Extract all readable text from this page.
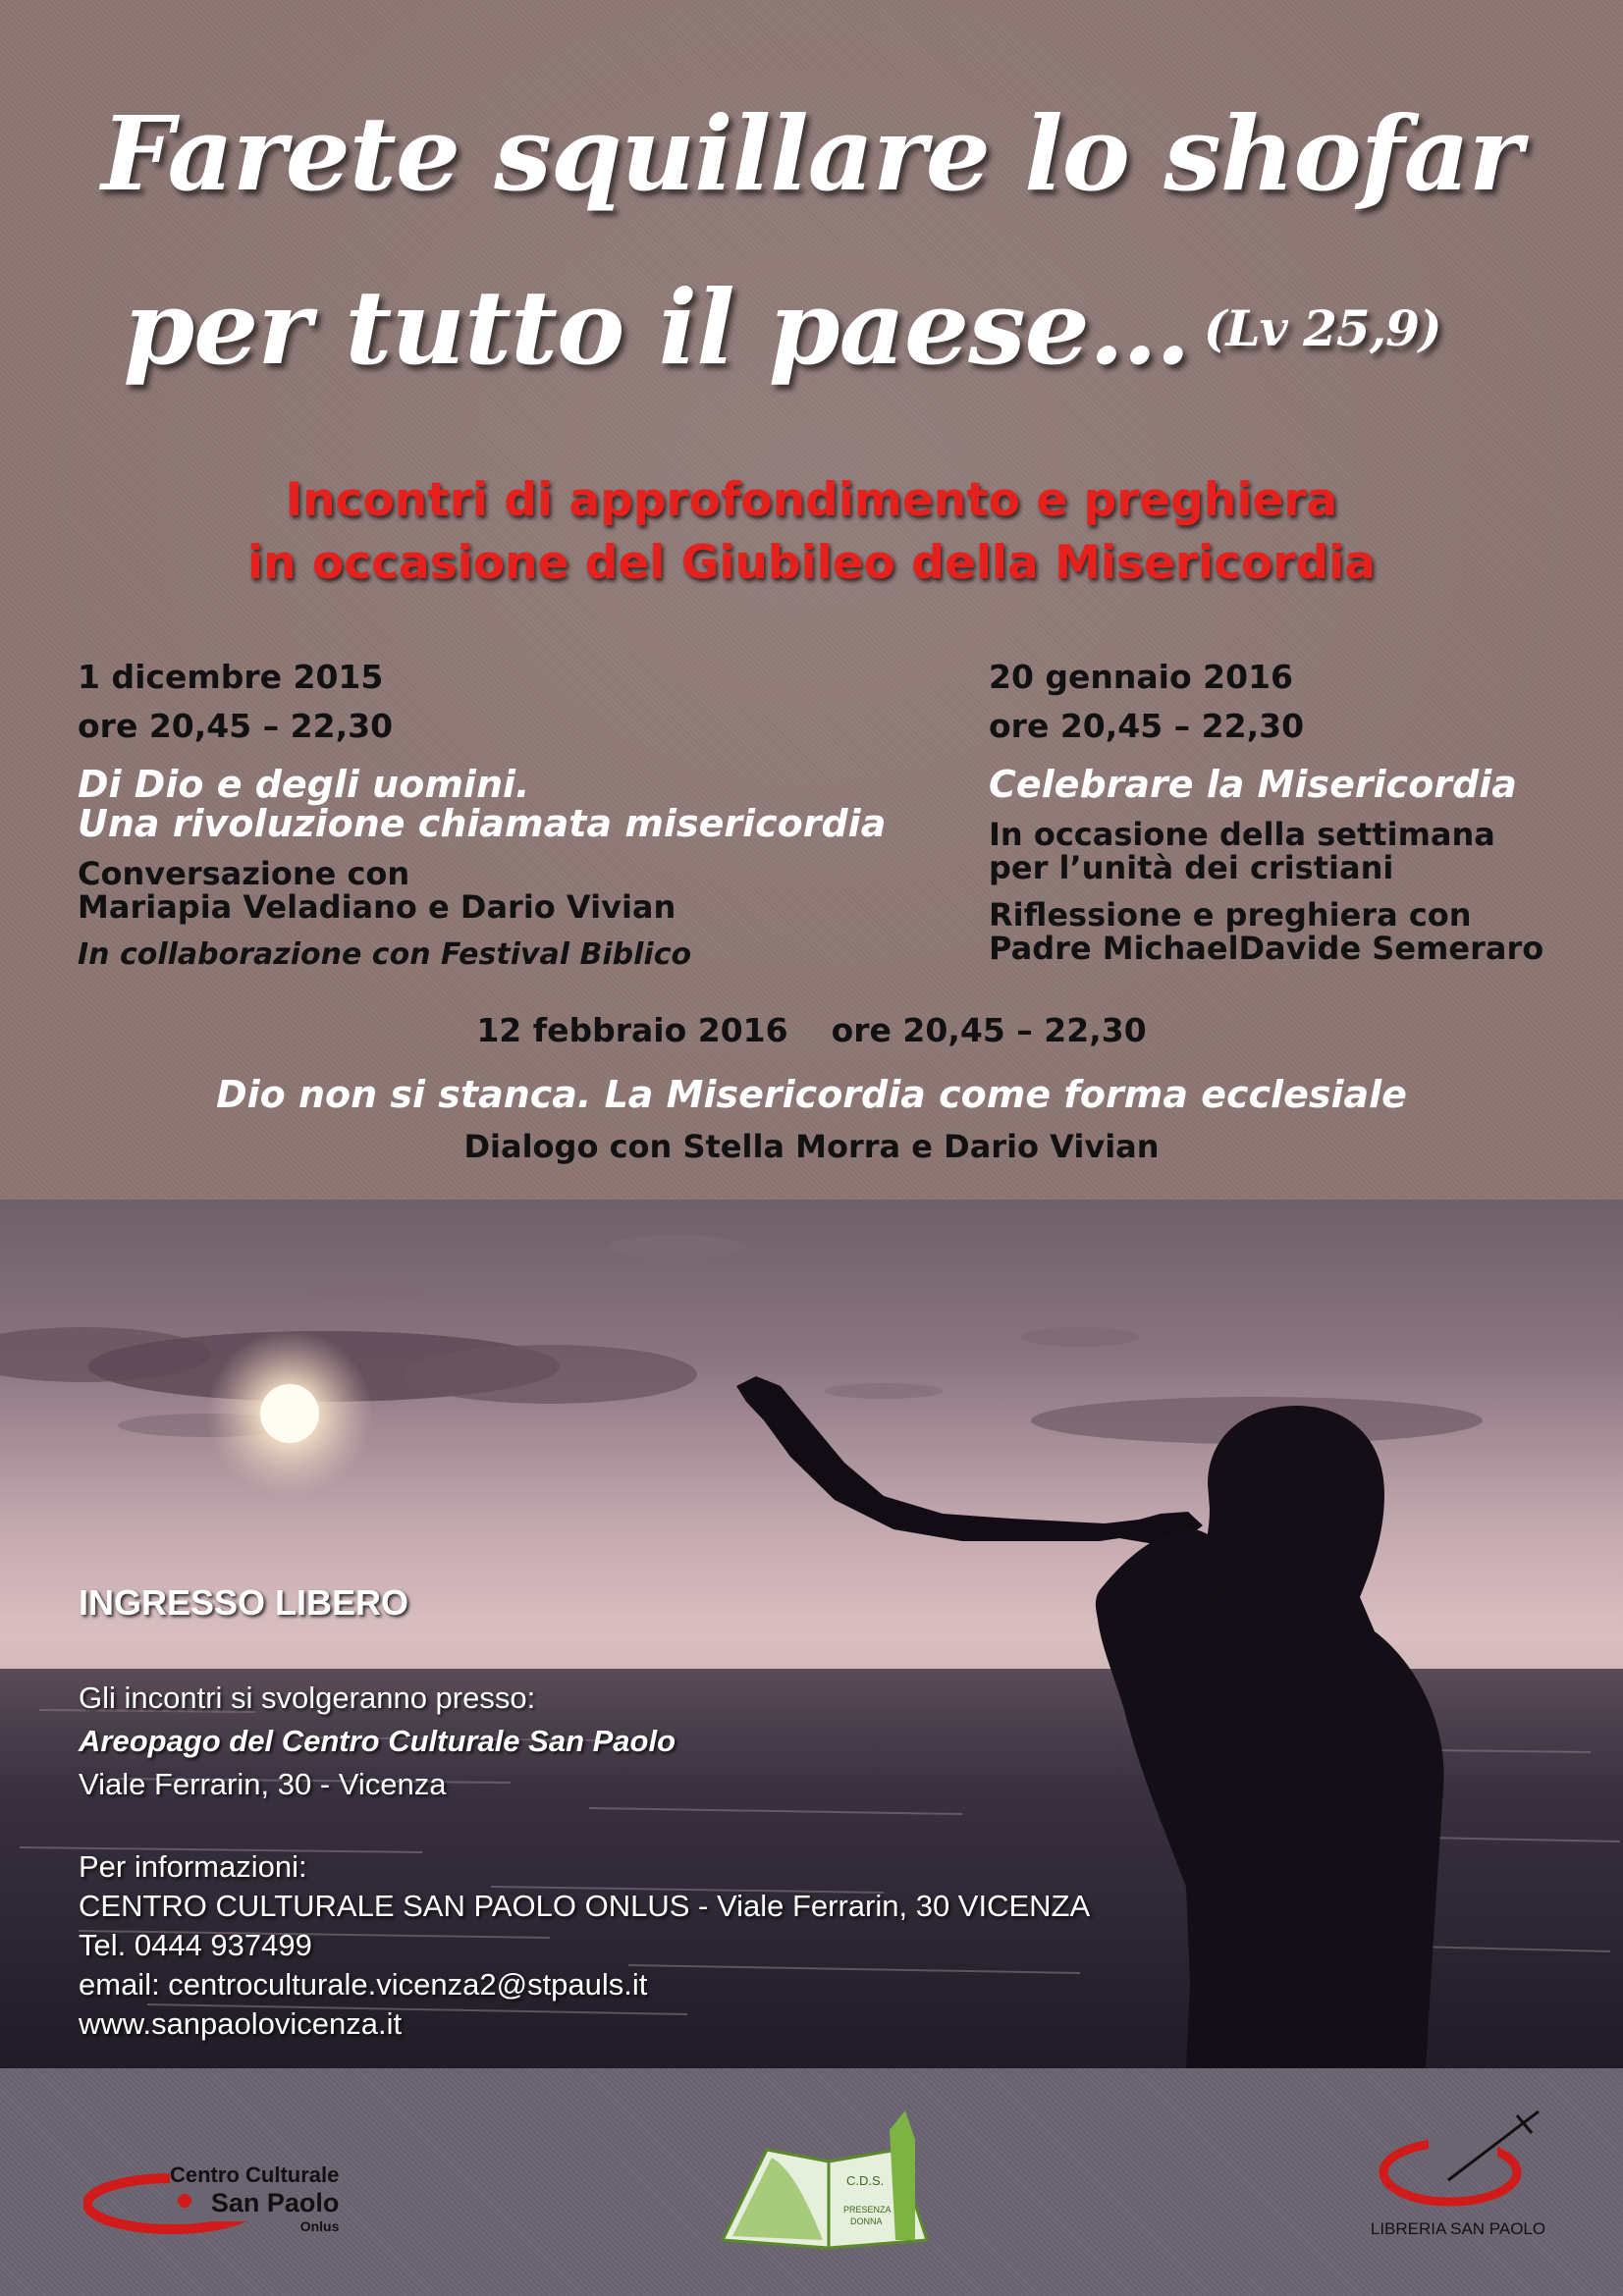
Farete squillare lo shofar
per tutto il paese… (Lv 25,9)
Incontri di approfondimento e preghiera
in occasione del Giubileo della Misericordia
1 dicembre 2015
ore 20,45 – 22,30
Di Dio e degli uomini.
Una rivoluzione chiamata misericordia
Conversazione con
Mariapia Veladiano e Dario Vivian
In collaborazione con Festival Biblico
20 gennaio 2016
ore 20,45 – 22,30
Celebrare la Misericordia
In occasione della settimana
per l’unità dei cristiani
Riflessione e preghiera con
Padre MichaelDavide Semeraro
12 febbraio 2016 ore 20,45 – 22,30
Dio non si stanca. La Misericordia come forma ecclesiale
Dialogo con Stella Morra e Dario Vivian
INGRESSO LIBERO
Gli incontri si svolgeranno presso:
Areopago del Centro Culturale San Paolo
Viale Ferrarin, 30 - Vicenza
Per informazioni:
CENTRO CULTURALE SAN PAOLO ONLUS - Viale Ferrarin, 30 VICENZA
Tel. 0444 937499
email: centroculturale.vicenza2@stpauls.it
www.sanpaolovicenza.it
Centro Culturale
San Paolo
Onlus
C.D.S.
PRESENZA
DONNA	LIBRERIA SAN PAOLO
